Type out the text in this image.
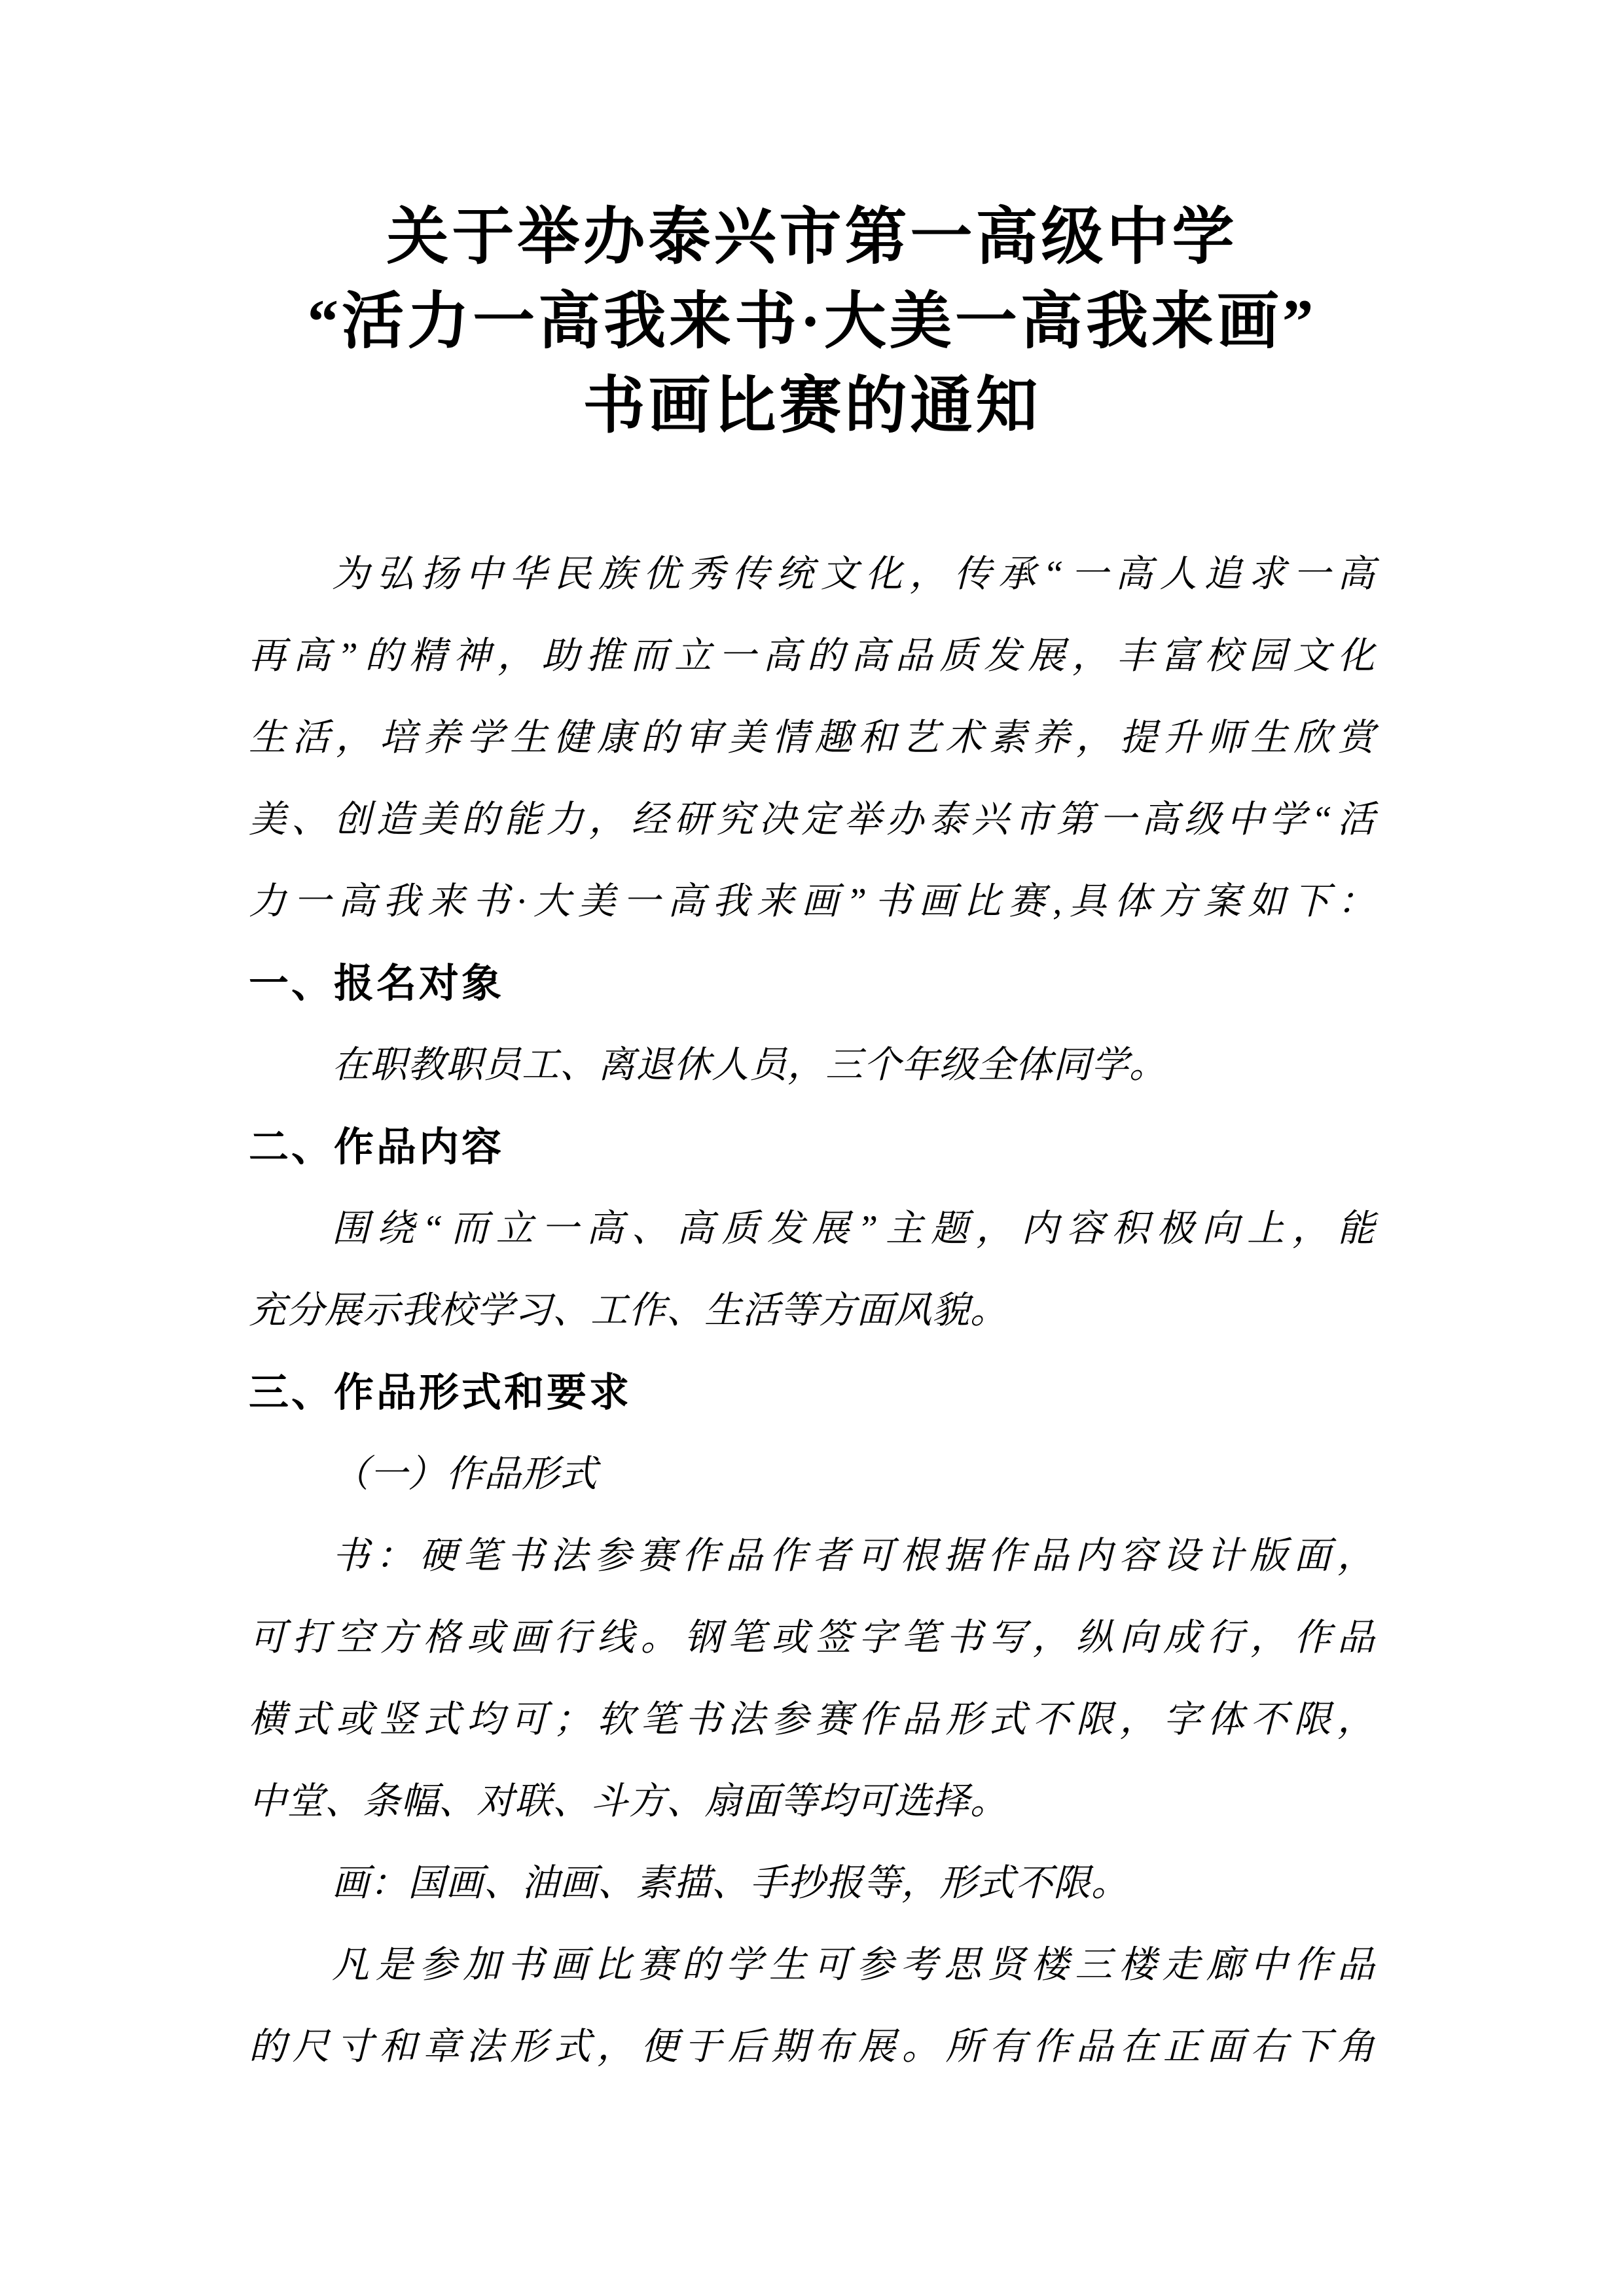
关于举办泰兴市第一高级中学
“活力一高我来书·大美一高我来画”
书画比赛的通知
为弘扬中华民族优秀传统文化，传承“一高人追求一高
再高”的精神，助推而立一高的高品质发展，丰富校园文化
生活，培养学生健康的审美情趣和艺术素养，提升师生欣赏
美、创造美的能力，经研究决定举办泰兴市第一高级中学“活
力一高我来书·大美一高我来画”书画比赛,具体方案如下：
一、报名对象
在职教职员工、离退休人员，三个年级全体同学。
二、作品内容
围绕“而立一高、高质发展”主题，内容积极向上，能
充分展示我校学习、工作、生活等方面风貌。
三、作品形式和要求
（一）作品形式
书：硬笔书法参赛作品作者可根据作品内容设计版面，
可打空方格或画行线。钢笔或签字笔书写，纵向成行，作品
横式或竖式均可；软笔书法参赛作品形式不限，字体不限，
中堂、条幅、对联、斗方、扇面等均可选择。
画：国画、油画、素描、手抄报等，形式不限。
凡是参加书画比赛的学生可参考思贤楼三楼走廊中作品
的尺寸和章法形式，便于后期布展。所有作品在正面右下角
